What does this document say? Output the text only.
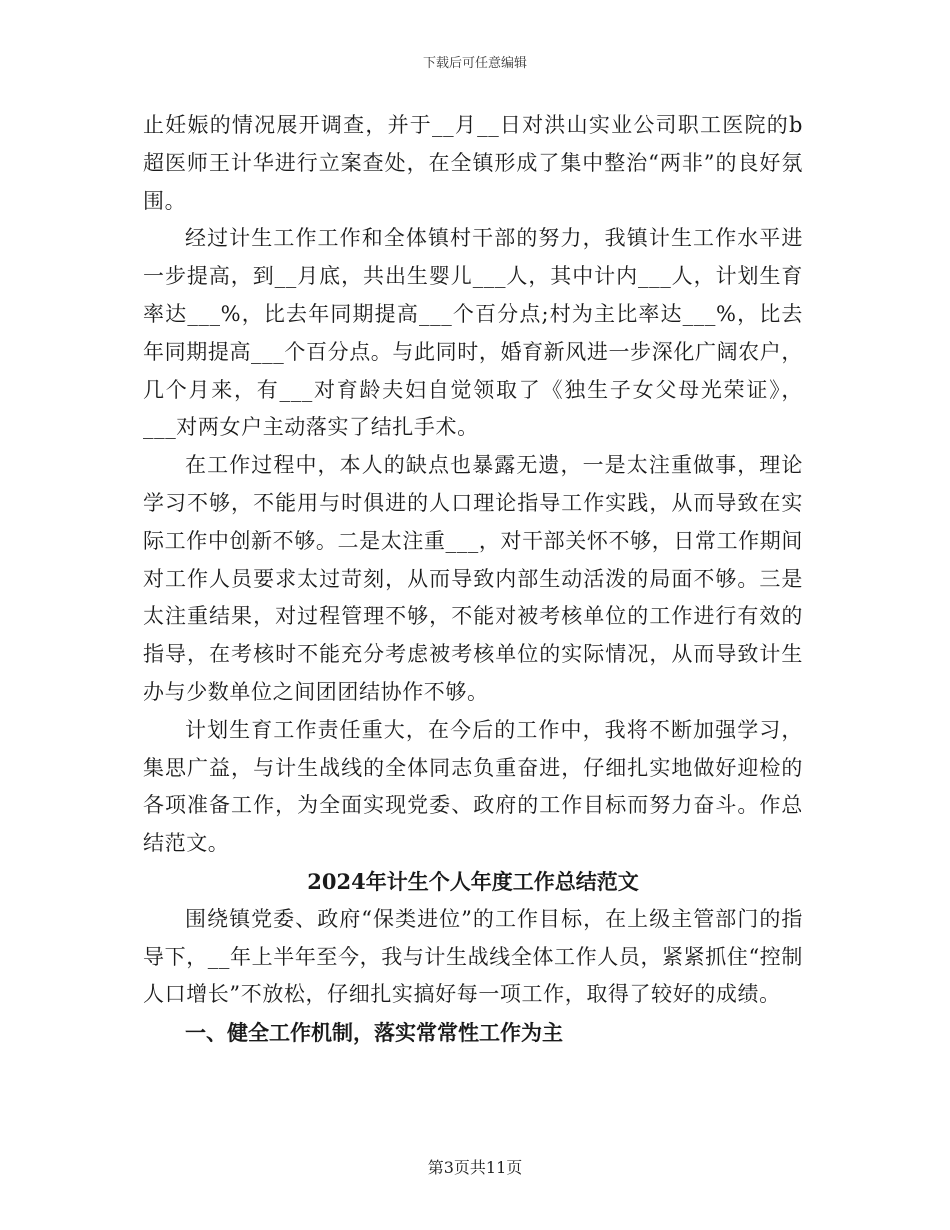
下载后可任意编辑

止妊娠的情况展开调查，并于__月__日对洪山实业公司职工医院的b超医师王计华进行立案查处，在全镇形成了集中整治“两非”的良好氛围。

经过计生工作工作和全体镇村干部的努力，我镇计生工作水平进一步提高，到__月底，共出生婴儿___人，其中计内___人，计划生育率达___%，比去年同期提高___个百分点;村为主比率达___%，比去年同期提高___个百分点。与此同时，婚育新风进一步深化广阔农户，几个月来，有___对育龄夫妇自觉领取了《独生子女父母光荣证》，___对两女户主动落实了结扎手术。

在工作过程中，本人的缺点也暴露无遗，一是太注重做事，理论学习不够，不能用与时俱进的人口理论指导工作实践，从而导致在实际工作中创新不够。二是太注重___，对干部关怀不够，日常工作期间对工作人员要求太过苛刻，从而导致内部生动活泼的局面不够。三是太注重结果，对过程管理不够，不能对被考核单位的工作进行有效的指导，在考核时不能充分考虑被考核单位的实际情况，从而导致计生办与少数单位之间团团结协作不够。

计划生育工作责任重大，在今后的工作中，我将不断加强学习，集思广益，与计生战线的全体同志负重奋进，仔细扎实地做好迎检的各项准备工作，为全面实现党委、政府的工作目标而努力奋斗。作总结范文。

2024年计生个人年度工作总结范文

围绕镇党委、政府“保类进位”的工作目标，在上级主管部门的指导下，__年上半年至今，我与计生战线全体工作人员，紧紧抓住“控制人口增长”不放松，仔细扎实搞好每一项工作，取得了较好的成绩。

一、健全工作机制，落实常常性工作为主

第3页共11页
